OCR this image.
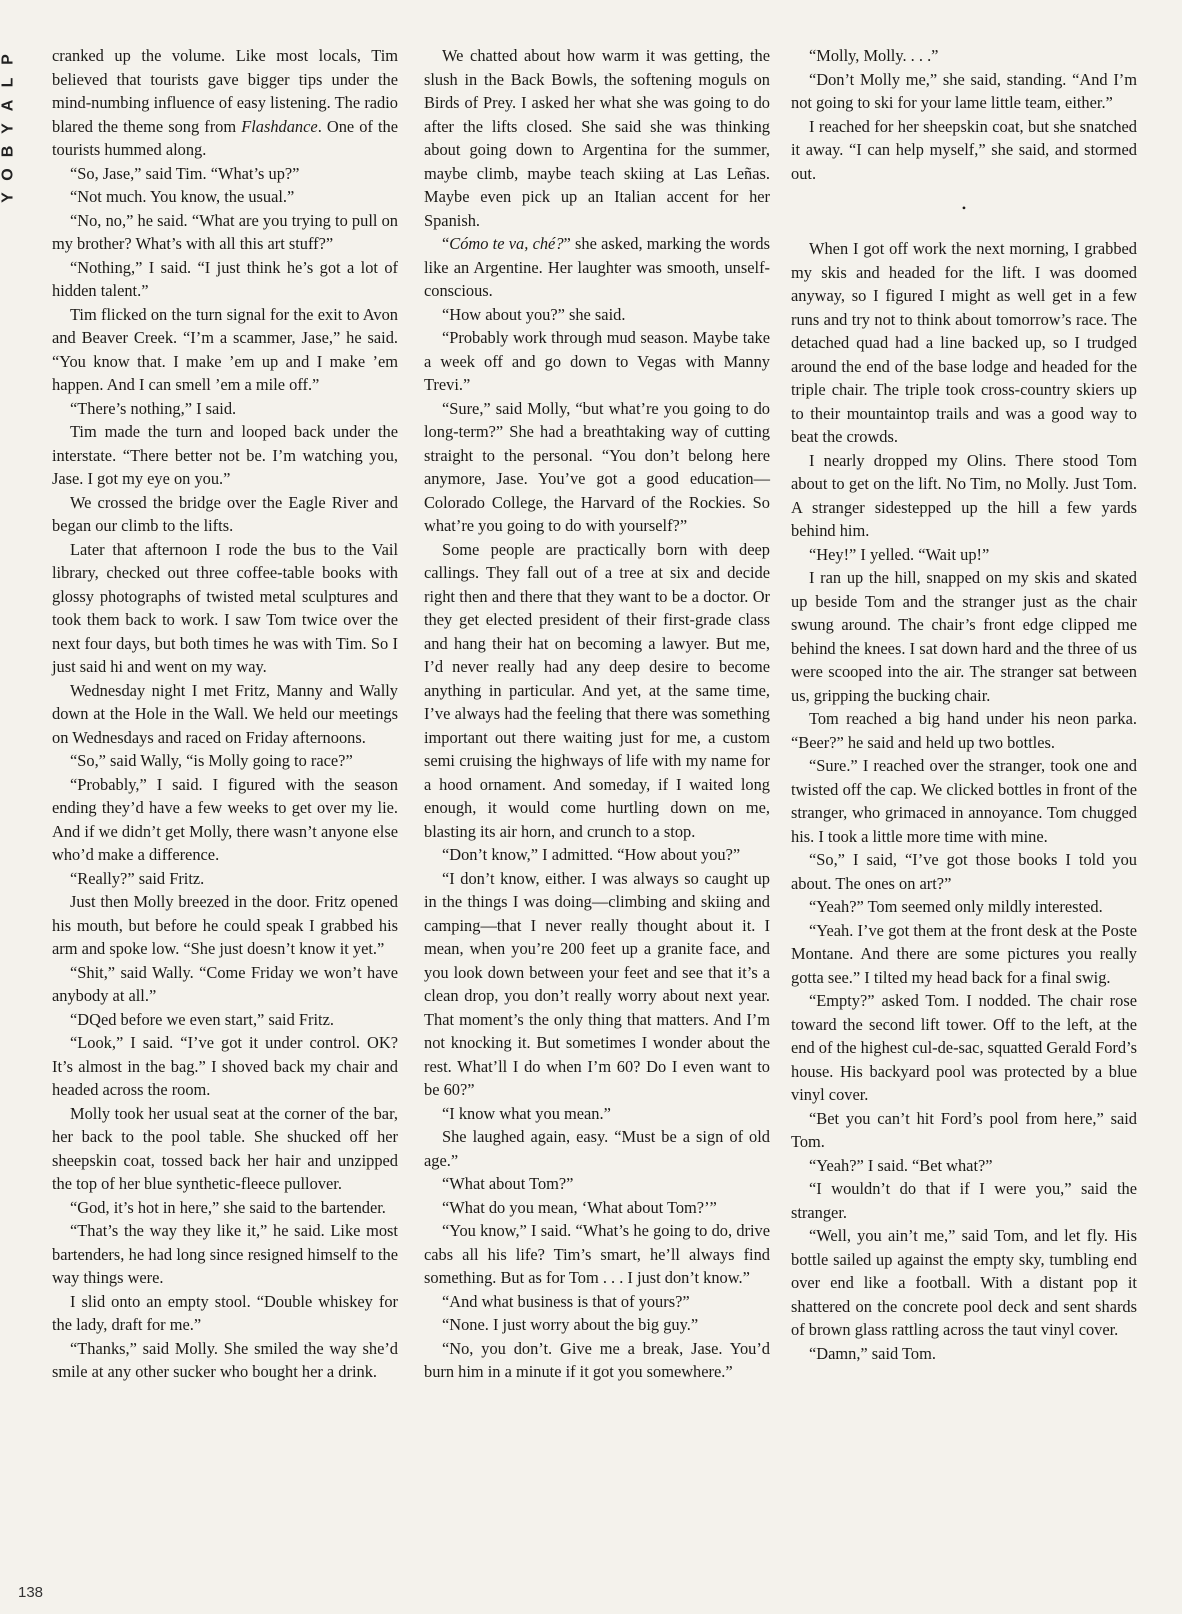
P
L
A
Y
B
O
Y

cranked up the volume. Like most locals, Tim believed that tourists gave bigger tips under the mind-numbing influence of easy listening. The radio blared the theme song from Flashdance. One of the tourists hummed along.

“So, Jase,” said Tim. “What’s up?”

“Not much. You know, the usual.”

“No, no,” he said. “What are you trying to pull on my brother? What’s with all this art stuff?”

“Nothing,” I said. “I just think he’s got a lot of hidden talent.”

Tim flicked on the turn signal for the exit to Avon and Beaver Creek. “I’m a scammer, Jase,” he said. “You know that. I make ’em up and I make ’em happen. And I can smell ’em a mile off.”

“There’s nothing,” I said.

Tim made the turn and looped back under the interstate. “There better not be. I’m watching you, Jase. I got my eye on you.”

We crossed the bridge over the Eagle River and began our climb to the lifts.

Later that afternoon I rode the bus to the Vail library, checked out three coffee-table books with glossy photographs of twisted metal sculptures and took them back to work. I saw Tom twice over the next four days, but both times he was with Tim. So I just said hi and went on my way.

Wednesday night I met Fritz, Manny and Wally down at the Hole in the Wall. We held our meetings on Wednesdays and raced on Friday afternoons.

“So,” said Wally, “is Molly going to race?”

“Probably,” I said. I figured with the season ending they’d have a few weeks to get over my lie. And if we didn’t get Molly, there wasn’t anyone else who’d make a difference.

“Really?” said Fritz.

Just then Molly breezed in the door. Fritz opened his mouth, but before he could speak I grabbed his arm and spoke low. “She just doesn’t know it yet.”

“Shit,” said Wally. “Come Friday we won’t have anybody at all.”

“DQed before we even start,” said Fritz.

“Look,” I said. “I’ve got it under control. OK? It’s almost in the bag.” I shoved back my chair and headed across the room.

Molly took her usual seat at the corner of the bar, her back to the pool table. She shucked off her sheepskin coat, tossed back her hair and unzipped the top of her blue synthetic-fleece pullover.

“God, it’s hot in here,” she said to the bartender.

“That’s the way they like it,” he said. Like most bartenders, he had long since resigned himself to the way things were.

I slid onto an empty stool. “Double whiskey for the lady, draft for me.”

“Thanks,” said Molly. She smiled the way she’d smile at any other sucker who bought her a drink.

We chatted about how warm it was getting, the slush in the Back Bowls, the softening moguls on Birds of Prey. I asked her what she was going to do after the lifts closed. She said she was thinking about going down to Argentina for the summer, maybe climb, maybe teach skiing at Las Leñas. Maybe even pick up an Italian accent for her Spanish.

“Cómo te va, ché?” she asked, marking the words like an Argentine. Her laughter was smooth, unself-conscious.

“How about you?” she said.

“Probably work through mud season. Maybe take a week off and go down to Vegas with Manny Trevi.”

“Sure,” said Molly, “but what’re you going to do long-term?” She had a breathtaking way of cutting straight to the personal. “You don’t belong here anymore, Jase. You’ve got a good education—Colorado College, the Harvard of the Rockies. So what’re you going to do with yourself?”

Some people are practically born with deep callings. They fall out of a tree at six and decide right then and there that they want to be a doctor. Or they get elected president of their first-grade class and hang their hat on becoming a lawyer. But me, I’d never really had any deep desire to become anything in particular. And yet, at the same time, I’ve always had the feeling that there was something important out there waiting just for me, a custom semi cruising the highways of life with my name for a hood ornament. And someday, if I waited long enough, it would come hurtling down on me, blasting its air horn, and crunch to a stop.

“Don’t know,” I admitted. “How about you?”

“I don’t know, either. I was always so caught up in the things I was doing—climbing and skiing and camping—that I never really thought about it. I mean, when you’re 200 feet up a granite face, and you look down between your feet and see that it’s a clean drop, you don’t really worry about next year. That moment’s the only thing that matters. And I’m not knocking it. But sometimes I wonder about the rest. What’ll I do when I’m 60? Do I even want to be 60?”

“I know what you mean.”

She laughed again, easy. “Must be a sign of old age.”

“What about Tom?”

“What do you mean, ‘What about Tom?’”

“You know,” I said. “What’s he going to do, drive cabs all his life? Tim’s smart, he’ll always find something. But as for Tom . . . I just don’t know.”

“And what business is that of yours?”

“None. I just worry about the big guy.”

“No, you don’t. Give me a break, Jase. You’d burn him in a minute if it got you somewhere.”

“Molly, Molly. . . .”

“Don’t Molly me,” she said, standing. “And I’m not going to ski for your lame little team, either.”

I reached for her sheepskin coat, but she snatched it away. “I can help myself,” she said, and stormed out.

•

When I got off work the next morning, I grabbed my skis and headed for the lift. I was doomed anyway, so I figured I might as well get in a few runs and try not to think about tomorrow’s race. The detached quad had a line backed up, so I trudged around the end of the base lodge and headed for the triple chair. The triple took cross-country skiers up to their mountaintop trails and was a good way to beat the crowds.

I nearly dropped my Olins. There stood Tom about to get on the lift. No Tim, no Molly. Just Tom. A stranger sidestepped up the hill a few yards behind him.

“Hey!” I yelled. “Wait up!”

I ran up the hill, snapped on my skis and skated up beside Tom and the stranger just as the chair swung around. The chair’s front edge clipped me behind the knees. I sat down hard and the three of us were scooped into the air. The stranger sat between us, gripping the bucking chair.

Tom reached a big hand under his neon parka. “Beer?” he said and held up two bottles.

“Sure.” I reached over the stranger, took one and twisted off the cap. We clicked bottles in front of the stranger, who grimaced in annoyance. Tom chugged his. I took a little more time with mine.

“So,” I said, “I’ve got those books I told you about. The ones on art?”

“Yeah?” Tom seemed only mildly interested.

“Yeah. I’ve got them at the front desk at the Poste Montane. And there are some pictures you really gotta see.” I tilted my head back for a final swig.

“Empty?” asked Tom. I nodded. The chair rose toward the second lift tower. Off to the left, at the end of the highest cul-de-sac, squatted Gerald Ford’s house. His backyard pool was protected by a blue vinyl cover.

“Bet you can’t hit Ford’s pool from here,” said Tom.

“Yeah?” I said. “Bet what?”

“I wouldn’t do that if I were you,” said the stranger.

“Well, you ain’t me,” said Tom, and let fly. His bottle sailed up against the empty sky, tumbling end over end like a football. With a distant pop it shattered on the concrete pool deck and sent shards of brown glass rattling across the taut vinyl cover.

“Damn,” said Tom.

138
